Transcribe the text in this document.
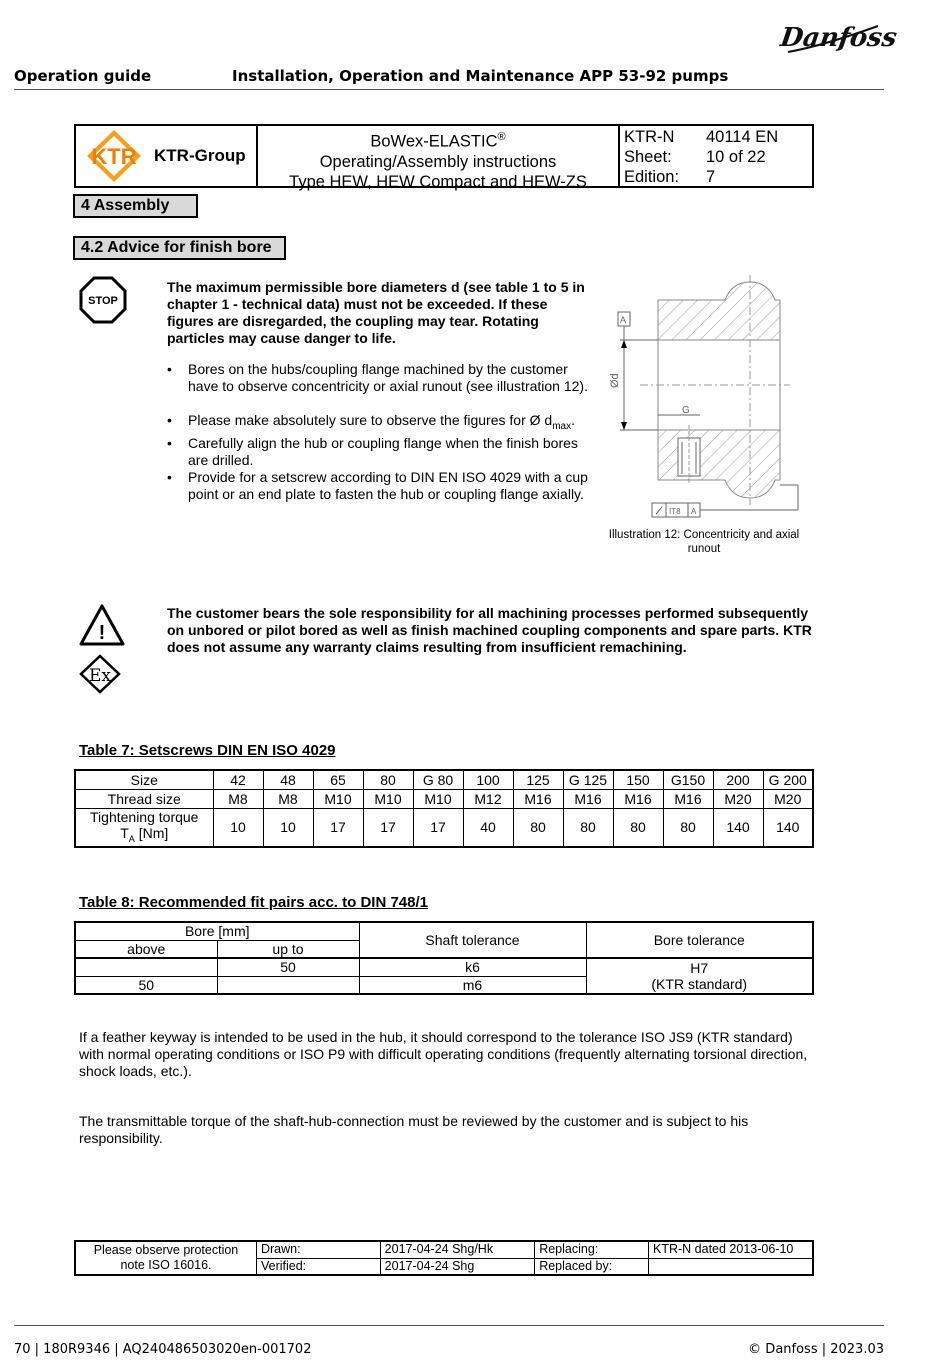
Operation guide	Installation, Operation and Maintenance APP 53-92 pumps
Danfoss
KTR KTR-Group
BoWex-ELASTIC®
Operating/Assembly instructions
Type HEW, HEW Compact and HEW-ZS
KTR-N	40114 EN
Sheet:	10 of 22
Edition:	7
4 Assembly
4.2 Advice for finish bore
STOP
The maximum permissible bore diameters d (see table 1 to 5 in chapter 1 - technical data) must not be exceeded. If these figures are disregarded, the coupling may tear. Rotating particles may cause danger to life.
• Bores on the hubs/coupling flange machined by the customer have to observe concentricity or axial runout (see illustration 12).
• Please make absolutely sure to observe the figures for Ø $d_{max}$.
• Carefully align the hub or coupling flange when the finish bores are drilled.
• Provide for a setscrew according to DIN EN ISO 4029 with a cup point or an end plate to fasten the hub or coupling flange axially.
Ød
A
G
IT8 A
Illustration 12: Concentricity and axial runout
!
Ex
The customer bears the sole responsibility for all machining processes performed subsequently on unbored or pilot bored as well as finish machined coupling components and spare parts. KTR does not assume any warranty claims resulting from insufficient remachining.
Table 7: Setscrews DIN EN ISO 4029
Size	42	48	65	80	G 80	100	125	G 125	150	G150	200	G 200
Thread size	M8	M8	M10	M10	M10	M12	M16	M16	M16	M16	M20	M20

Tightening torque
$T_A$ [Nm]	10	10	17	17	17	40	80	80	80	80	140	140
Table 8: Recommended fit pairs acc. to DIN 748/1
Bore [mm]		Shaft tolerance	Bore tolerance
above	up to		
	50	k6	H7
(KTR standard)

50		m6	
If a feather keyway is intended to be used in the hub, it should correspond to the tolerance ISO JS9 (KTR standard) with normal operating conditions or ISO P9 with difficult operating conditions (frequently alternating torsional direction, shock loads, etc.).
The transmittable torque of the shaft-hub-connection must be reviewed by the customer and is subject to his responsibility.
Please observe protection note ISO 16016.	Drawn:	2017-04-24 Shg/Hk	Replacing:	KTR-N dated 2013-06-10
	Verified:	2017-04-24 Shg	Replaced by:	
70 | 180R9346 | AQ240486503020en-001702	© Danfoss | 2023.03
